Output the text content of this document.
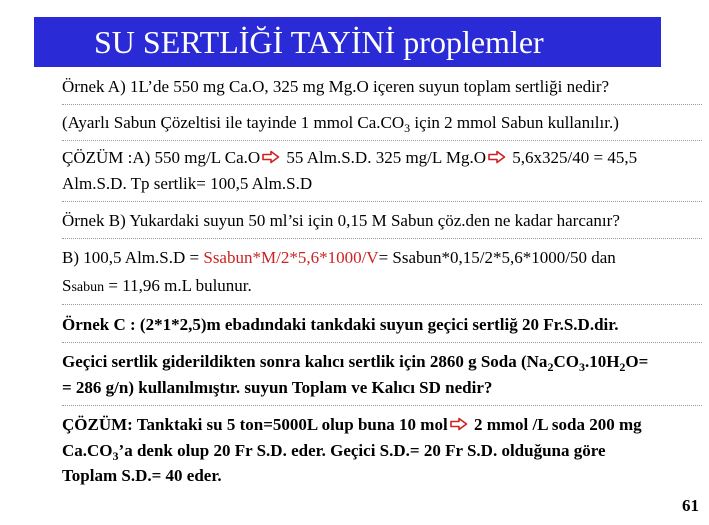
SU SERTLİĞİ TAYİNİ proplemler
Örnek A) 1L’de 550 mg Ca.O, 325 mg Mg.O içeren suyun toplam sertliği nedir?
(Ayarlı Sabun Çözeltisi ile tayinde 1 mmol $Ca.CO_3$ için 2 mmol Sabun kullanılır.)
ÇÖZÜM :A) 550 mg/L Ca.O 55 Alm.S.D. 325 mg/L Mg.O 5,6x325/40 = 45,5
Alm.S.D. Tp sertlik= 100,5 Alm.S.D
Örnek B) Yukardaki suyun 50 ml’si için 0,15 M Sabun çöz.den ne kadar harcanır?
B) 100,5 Alm.S.D = Ssabun*M/2*5,6*1000/V= Ssabun*0,15/2*5,6*1000/50 dan
Ssabun = 11,96 m.L bulunur.
Örnek C : (2*1*2,5)m ebadındaki tankdaki suyun geçici sertliğ 20 Fr.S.D.dir.
Geçici sertlik giderildikten sonra kalıcı sertlik için 2860 g Soda ($Na_2CO_3.10H_2O=$
= 286 g/n) kullanılmıştır. suyun Toplam ve Kalıcı SD nedir?
ÇÖZÜM: Tanktaki su 5 ton=5000L olup buna 10 mol 2 mmol /L soda 200 mg
$Ca.CO_3’a$ denk olup 20 Fr S.D. eder. Geçici S.D.= 20 Fr S.D. olduğuna göre
Toplam S.D.= 40 eder.
61
